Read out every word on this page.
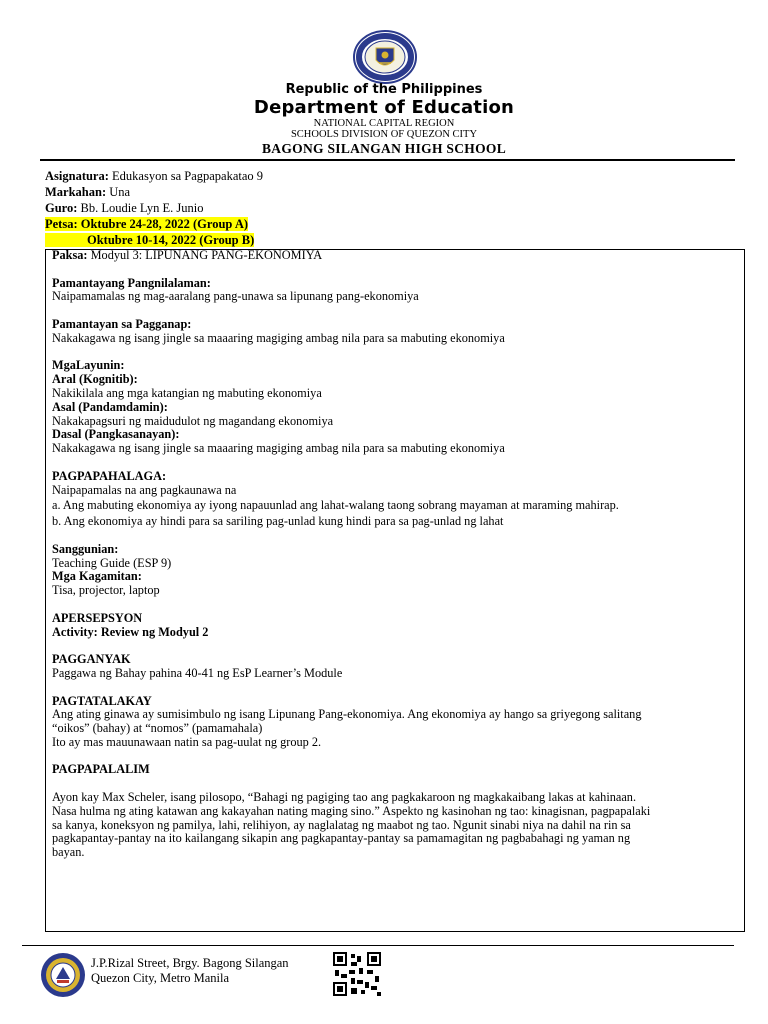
Republic of the Philippines
Department of Education
NATIONAL CAPITAL REGION
SCHOOLS DIVISION OF QUEZON CITY
BAGONG SILANGAN HIGH SCHOOL
Asignatura: Edukasyon sa Pagpapakatao 9
Markahan: Una
Guro: Bb. Loudie Lyn E. Junio
Petsa: Oktubre 24-28, 2022 (Group A)
Oktubre 10-14, 2022 (Group B)

Paksa: Modyul 3: LIPUNANG PANG-EKONOMIYA

Pamantayang Pangnilalaman:

Naipamamalas ng mag-aaralang pang-unawa sa lipunang pang-ekonomiya

Pamantayan sa Pagganap:

Nakakagawa ng isang jingle sa maaaring magiging ambag nila para sa mabuting ekonomiya

MgaLayunin:

Aral (Kognitib):

Nakikilala ang mga katangian ng mabuting ekonomiya

Asal (Pandamdamin):

Nakakapagsuri ng maidudulot ng magandang ekonomiya

Dasal (Pangkasanayan):

Nakakagawa ng isang jingle sa maaaring magiging ambag nila para sa mabuting ekonomiya

PAGPAPAHALAGA:

Naipapamalas na ang pagkaunawa na

a. Ang mabuting ekonomiya ay iyong napauunlad ang lahat-walang taong sobrang mayaman at maraming mahirap.

b. Ang ekonomiya ay hindi para sa sariling pag-unlad kung hindi para sa pag-unlad ng lahat

Sanggunian:

Teaching Guide (ESP 9)

Mga Kagamitan:

Tisa, projector, laptop

APERSEPSYON

Activity: Review ng Modyul 2

PAGGANYAK

Paggawa ng Bahay pahina 40-41 ng EsP Learner’s Module

PAGTATALAKAY

Ang ating ginawa ay sumisimbulo ng isang Lipunang Pang-ekonomiya. Ang ekonomiya ay hango sa griyegong salitang

“oikos” (bahay) at “nomos” (pamamahala)

Ito ay mas mauunawaan natin sa pag-uulat ng group 2.

PAGPAPALALIM

Ayon kay Max Scheler, isang pilosopo, “Bahagi ng pagiging tao ang pagkakaroon ng magkakaibang lakas at kahinaan.

Nasa hulma ng ating katawan ang kakayahan nating maging sino.” Aspekto ng kasinohan ng tao: kinagisnan, pagpapalaki

sa kanya, koneksyon ng pamilya, lahi, relihiyon, ay naglalatag ng maabot ng tao. Ngunit sinabi niya na dahil na rin sa

pagkapantay-pantay na ito kailangang sikapin ang pagkapantay-pantay sa pamamagitan ng pagbabahagi ng yaman ng

bayan.

J.P.Rizal Street, Brgy. Bagong Silangan
Quezon City, Metro Manila
